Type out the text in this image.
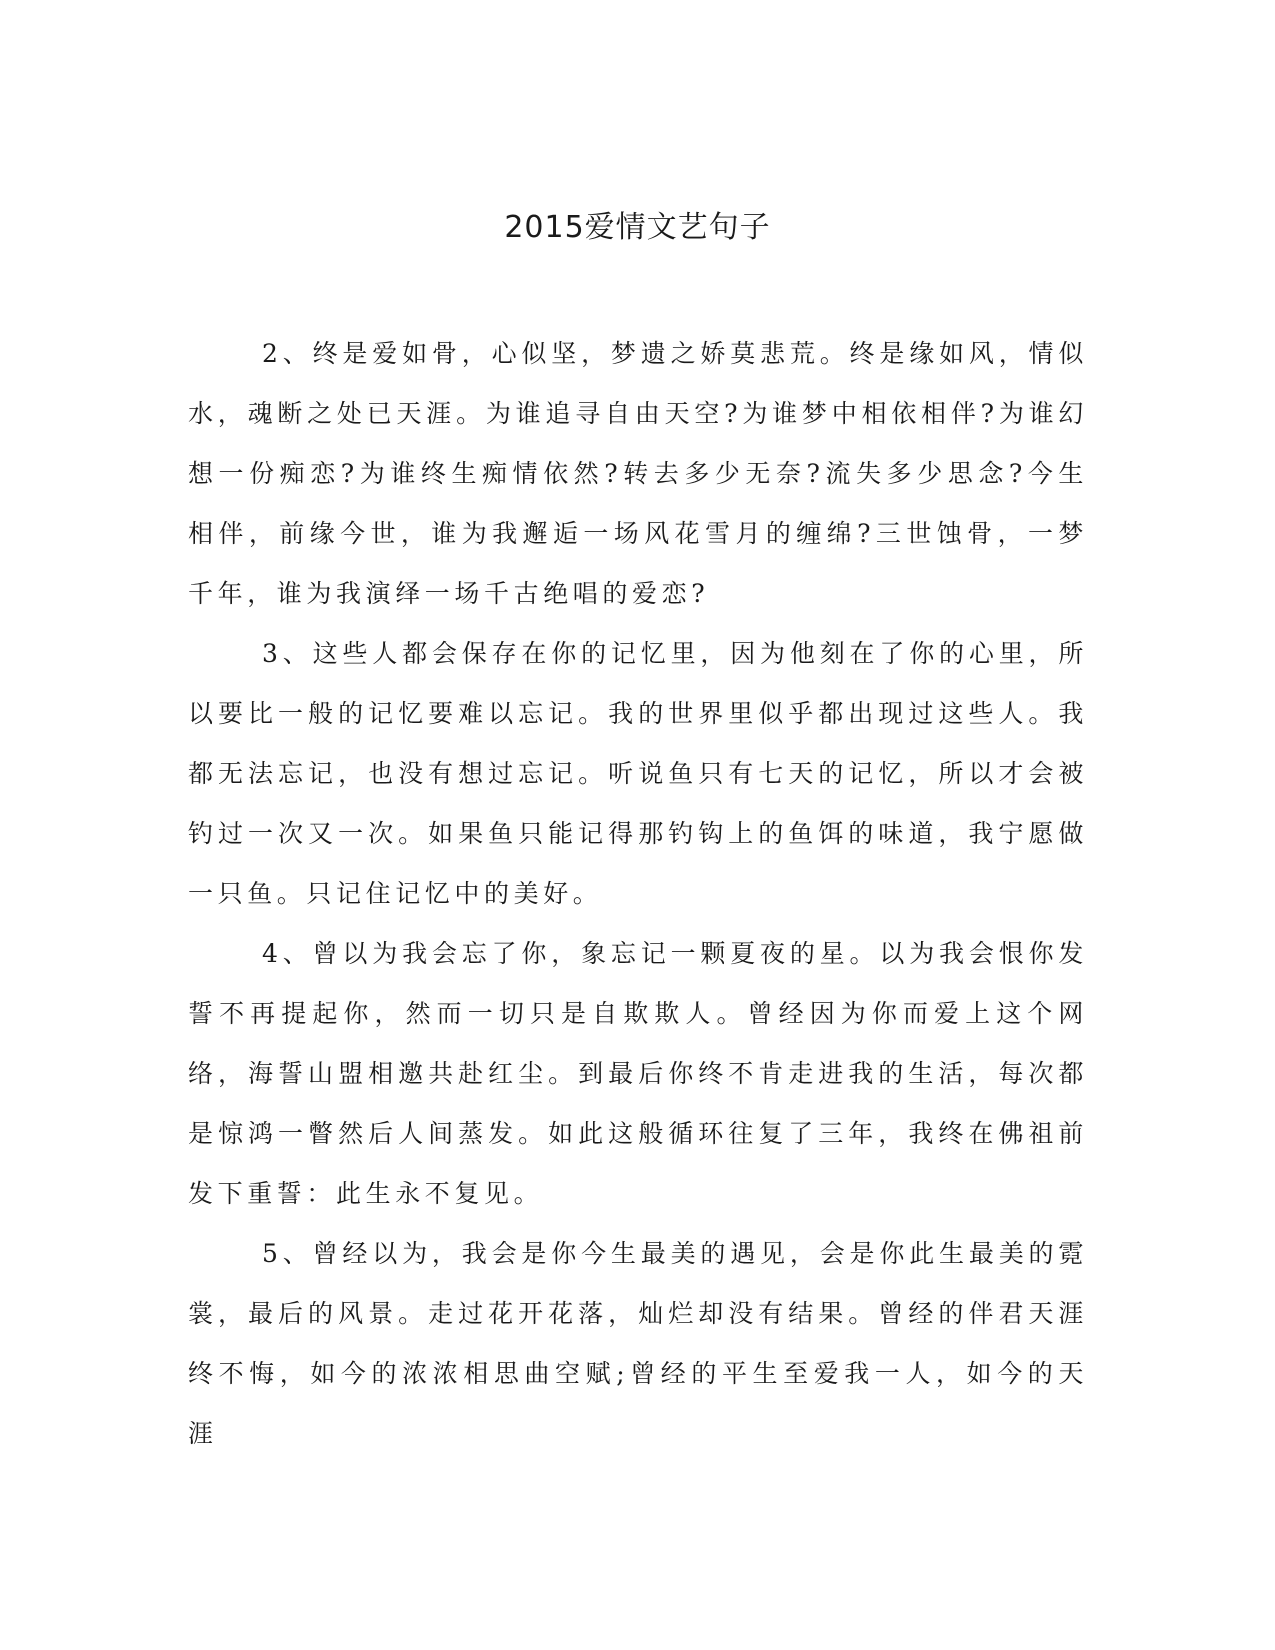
2015爱情文艺句子

2、终是爱如骨，心似坚，梦遗之娇莫悲荒。终是缘如风，情似水，魂断之处已天涯。为谁追寻自由天空?为谁梦中相依相伴?为谁幻想一份痴恋?为谁终生痴情依然?转去多少无奈?流失多少思念?今生相伴，前缘今世，谁为我邂逅一场风花雪月的缠绵?三世蚀骨，一梦千年，谁为我演绎一场千古绝唱的爱恋?

3、这些人都会保存在你的记忆里，因为他刻在了你的心里，所以要比一般的记忆要难以忘记。我的世界里似乎都出现过这些人。我都无法忘记，也没有想过忘记。听说鱼只有七天的记忆，所以才会被钓过一次又一次。如果鱼只能记得那钓钩上的鱼饵的味道，我宁愿做一只鱼。只记住记忆中的美好。

4、曾以为我会忘了你，象忘记一颗夏夜的星。以为我会恨你发誓不再提起你，然而一切只是自欺欺人。曾经因为你而爱上这个网络，海誓山盟相邀共赴红尘。到最后你终不肯走进我的生活，每次都是惊鸿一瞥然后人间蒸发。如此这般循环往复了三年，我终在佛祖前发下重誓：此生永不复见。

5、曾经以为，我会是你今生最美的遇见，会是你此生最美的霓裳，最后的风景。走过花开花落，灿烂却没有结果。曾经的伴君天涯终不悔，如今的浓浓相思曲空赋;曾经的平生至爱我一人，如今的天涯
